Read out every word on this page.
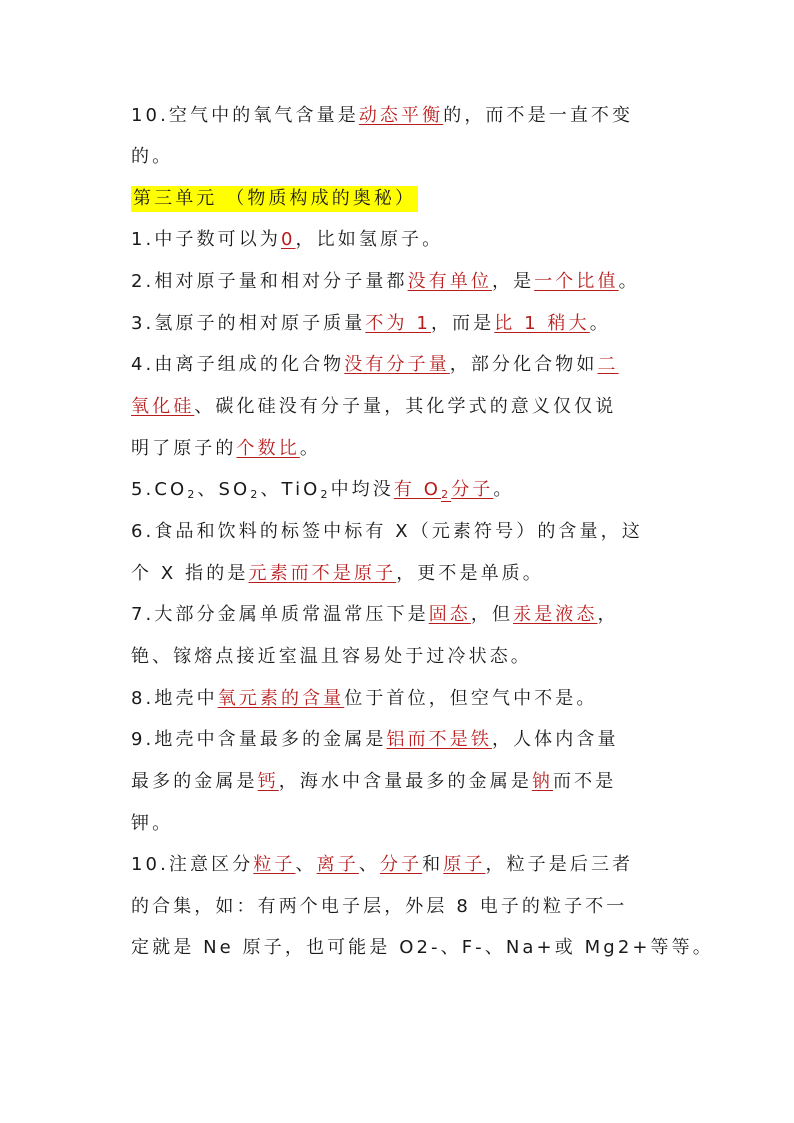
10.空气中的氧气含量是动态平衡的，而不是一直不变
的。
第三单元 （物质构成的奥秘）
1.中子数可以为0，比如氢原子。
2.相对原子量和相对分子量都没有单位，是一个比值。
3.氢原子的相对原子质量不为 1，而是比 1 稍大。
4.由离子组成的化合物没有分子量，部分化合物如二
氧化硅、碳化硅没有分子量，其化学式的意义仅仅说
明了原子的个数比。
$5.CO_2$、$SO_2$、TiO$_2$中均没有 $O_2$分子。
6.食品和饮料的标签中标有 X（元素符号）的含量，这
个 X 指的是元素而不是原子，更不是单质。
7.大部分金属单质常温常压下是固态，但汞是液态，
铯、镓熔点接近室温且容易处于过冷状态。
8.地壳中氧元素的含量位于首位，但空气中不是。
9.地壳中含量最多的金属是铝而不是铁，人体内含量
最多的金属是钙，海水中含量最多的金属是钠而不是
钾。
10.注意区分粒子、离子、分子和原子，粒子是后三者
的合集，如：有两个电子层，外层 8 电子的粒子不一
定就是 Ne 原子，也可能是 O2-、F-、Na+或 Mg2+等等。
